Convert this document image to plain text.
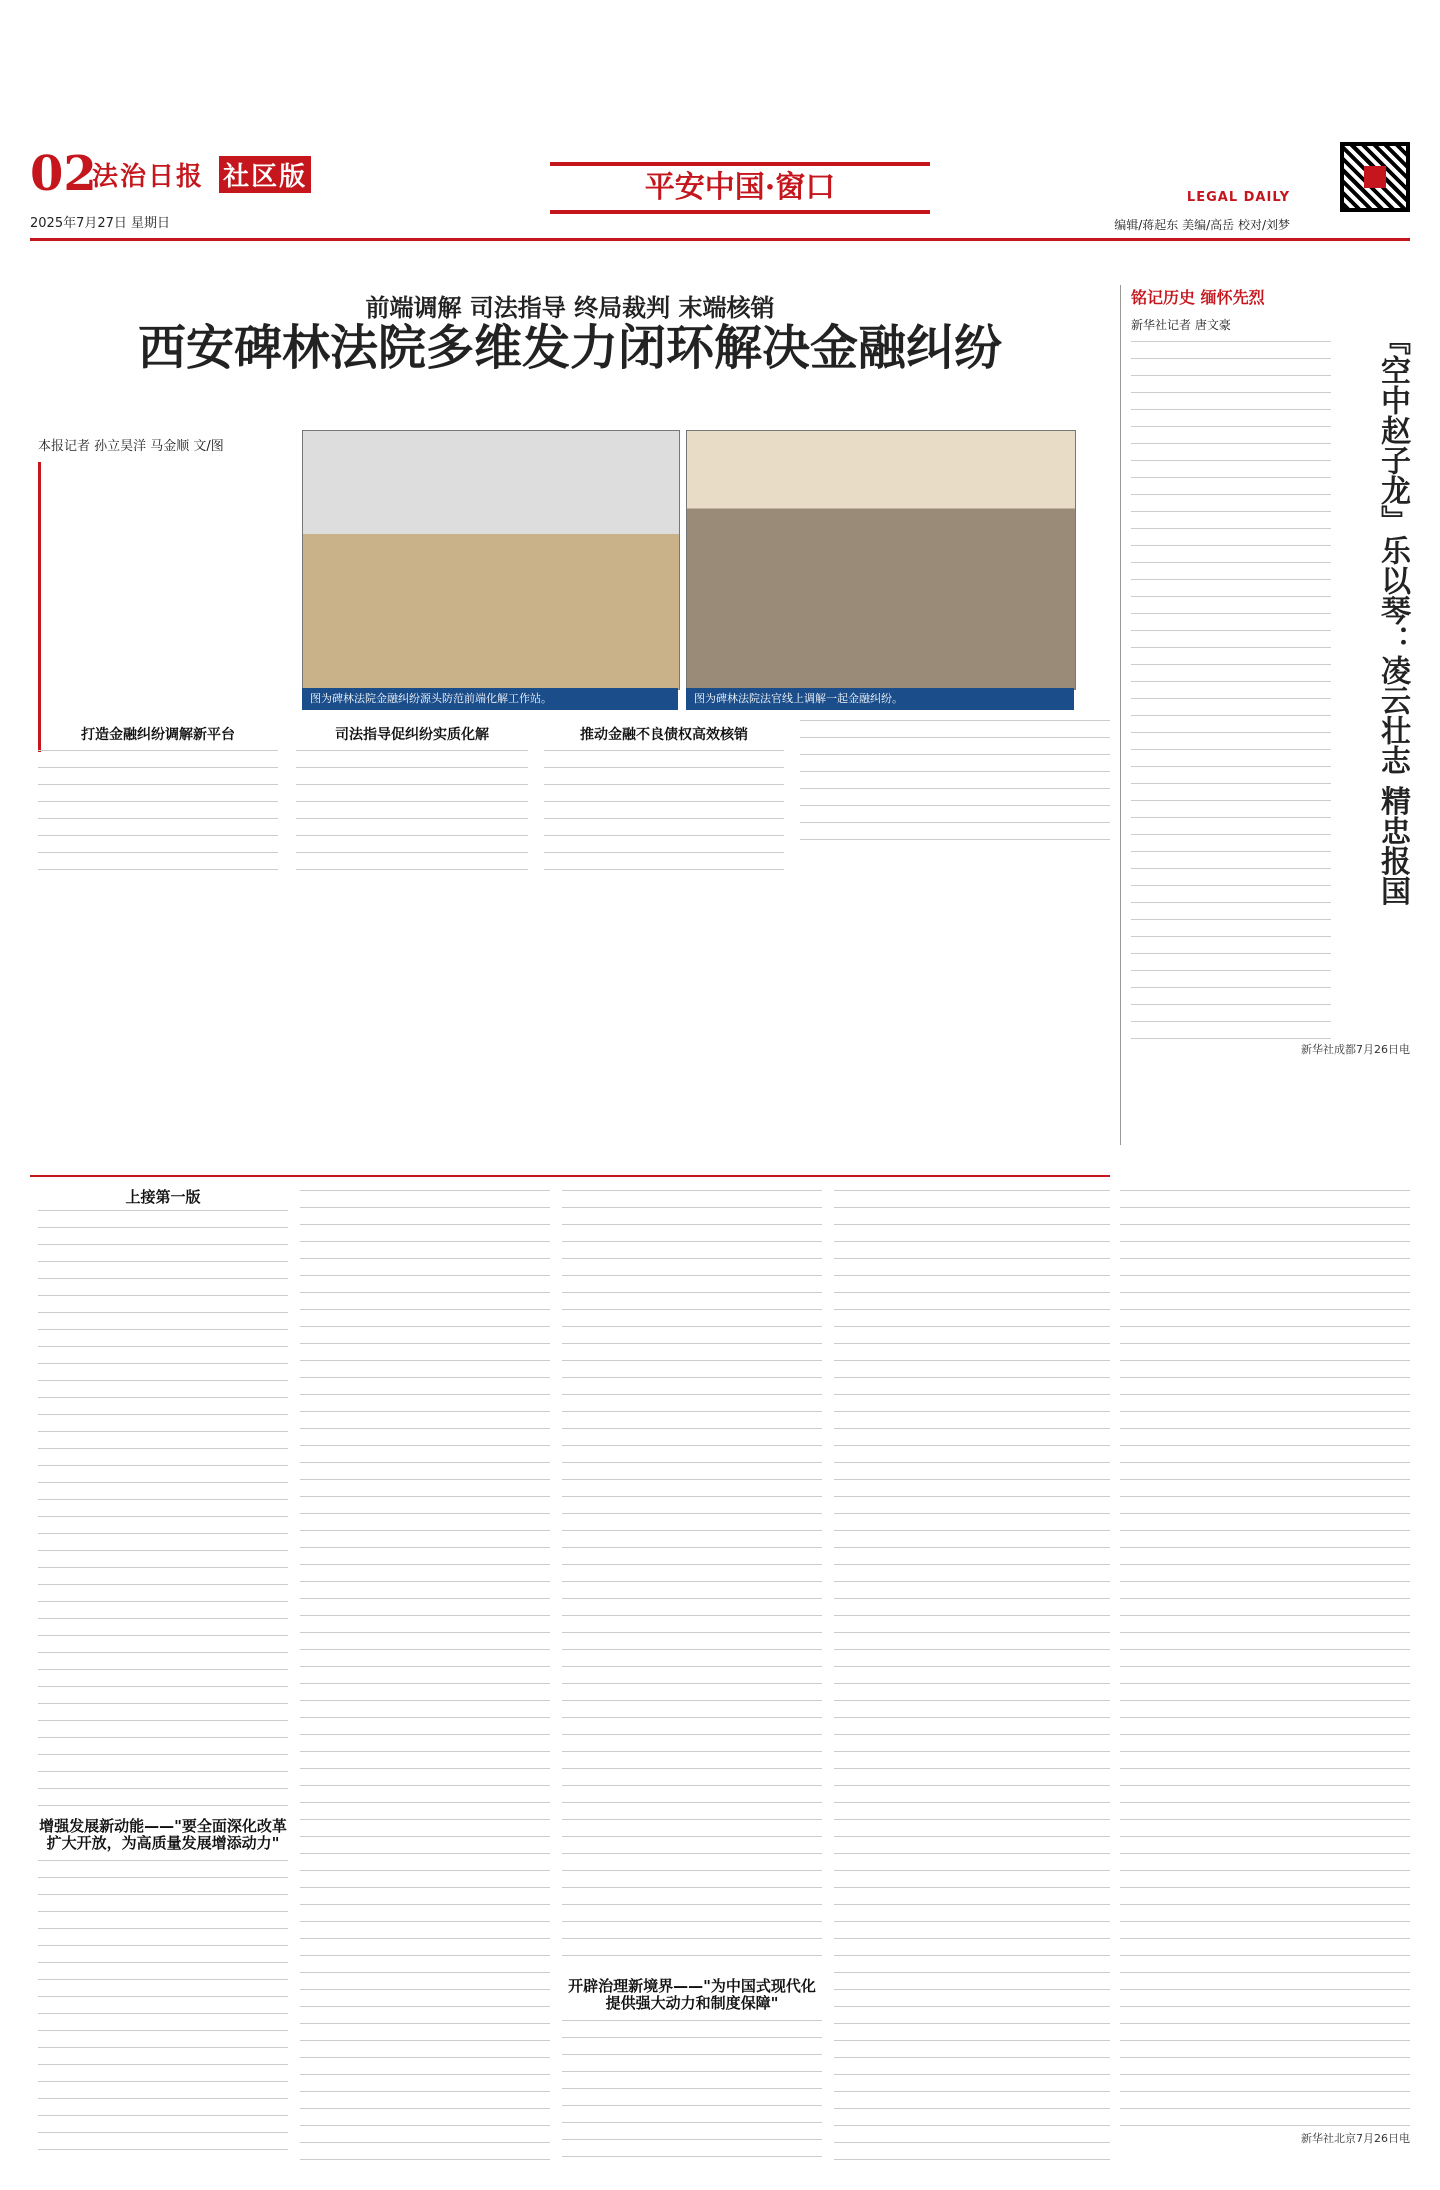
02
法治日报 社区版
2025年7月27日 星期日
平安中国·窗口	LEGAL DAILY
编辑/蒋起东 美编/高岳 校对/刘梦
前端调解 司法指导 终局裁判 末端核销
西安碑林法院多维发力闭环解决金融纠纷
本报记者 孙立昊洋 马金顺 文/图
图为碑林法院金融纠纷源头防范前端化解工作站。	图为碑林法院法官线上调解一起金融纠纷。
打造金融纠纷调解新平台	司法指导促纠纷实质化解	推动金融不良债权高效核销
铭记历史 缅怀先烈
新华社记者 唐文豪	『空中赵子龙』乐以琴：凌云壮志 精忠报国
新华社成都7月26日电
上接第一版
增强发展新动能——"要全面深化改革扩大开放，为高质量发展增添动力"
开辟治理新境界——"为中国式现代化提供强大动力和制度保障"
新华社北京7月26日电
